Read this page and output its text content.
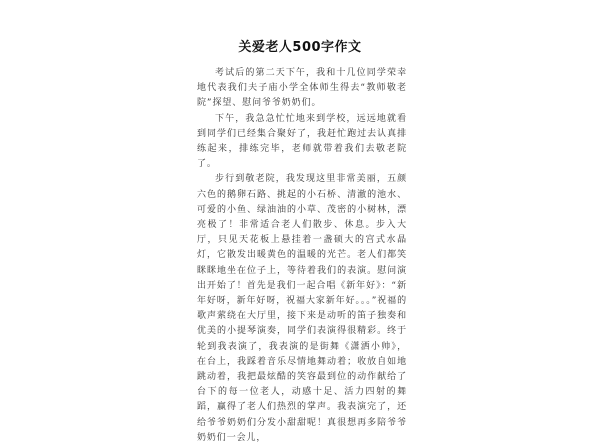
关爱老人500字作文

考试后的第二天下午，我和十几位同学荣幸地代表我们夫子庙小学全体师生得去“教师敬老院”探望、慰问爷爷奶奶们。

下午，我急急忙忙地来到学校，远远地就看到同学们已经集合聚好了，我赶忙跑过去认真排练起来，排练完毕，老师就带着我们去敬老院了。

步行到敬老院，我发现这里非常美丽，五颜六色的鹅卵石路、挑起的小石桥、清澈的池水、可爱的小鱼、绿油油的小草、茂密的小树林，漂亮极了！非常适合老人们散步、休息。步入大厅，只见天花板上悬挂着一盏硕大的宫式水晶灯，它散发出暖黄色的温暖的光芒。老人们都笑眯眯地坐在位子上，等待着我们的表演。慰问演出开始了！首先是我们一起合唱《新年好》：“新年好呀，新年好呀，祝福大家新年好。。。”祝福的歌声萦绕在大厅里，接下来是动听的笛子独奏和优美的小提琴演奏，同学们表演得很精彩。终于轮到我表演了，我表演的是街舞《潇洒小帅》，在台上，我踩着音乐尽情地舞动着；收放自如地跳动着，我把最炫酷的笑容最到位的动作献给了台下的每一位老人，动感十足、活力四射的舞蹈，赢得了老人们热烈的掌声。我表演完了，还给爷爷奶奶们分发小甜甜呢！真很想再多陪爷爷奶奶们一会儿，
